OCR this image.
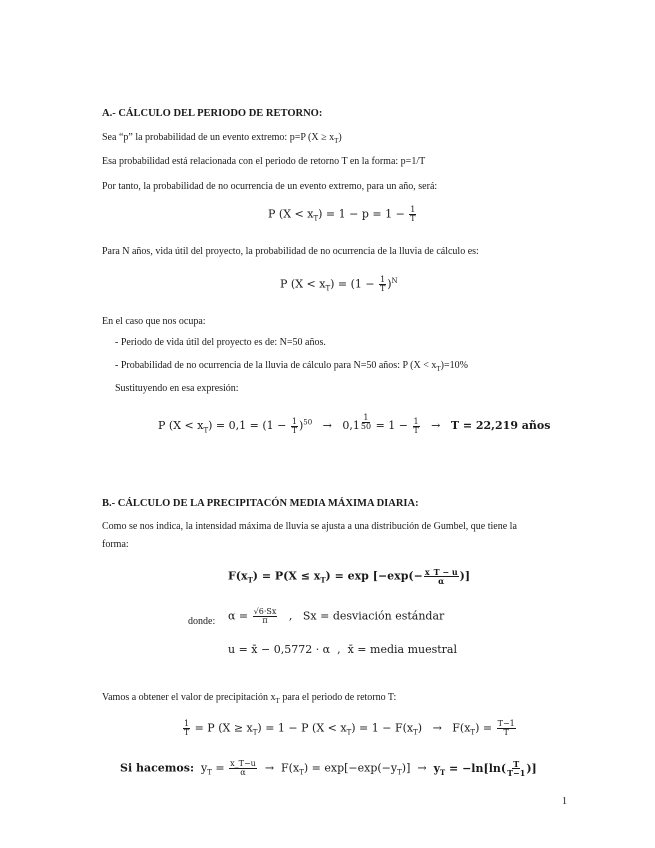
A.- CÁLCULO DEL PERIODO DE RETORNO:
Sea “p” la probabilidad de un evento extremo: p=P $(X \ge x_T)$
Esa probabilidad está relacionada con el periodo de retorno T en la forma: p=1/T
Por tanto, la probabilidad de no ocurrencia de un evento extremo, para un año, será:
P $(X < x_T) = 1 - p = 1 - \frac{1}{T}$
Para N años, vida útil del proyecto, la probabilidad de no ocurrencia de la lluvia de cálculo es:
P $(X < x_T) = (1 - \frac{1}{T} )^N$
En el caso que nos ocupa:
- Periodo de vida útil del proyecto es de: N=50 años.
- Probabilidad de no ocurrencia de la lluvia de cálculo para N=50 años: P $(X < x_T)=10\%$
Sustituyendo en esa expresión:
P $(X < x_T) = 0,1 = (1 - \frac{1}{T} )^{50} \to 0,1$ $^{\frac{1}{50}} = 1 - \frac{1}{T} \to T = 22,219$ años
B.- CÁLCULO DE LA PRECIPITACÓN MEDIA MÁXIMA DIARIA:
Como se nos indica, la intensidad máxima de lluvia se ajusta a una distribución de Gumbel, que tiene la
forma:
$F(x_T) = P(X \le x_T) = \exp [-\exp(- \frac{x\_T - u}{\alpha}$ )]
donde: $\alpha = \frac{√6\cdot Sx}{\pi}$ ,   Sx = desviación estándar
u = x̄ − 0,5772 · α  ,  x̄ = media muestral
Vamos a obtener el valor de precipitación $x_T$ para el periodo de retorno T:
$\frac{1}{T} = P$ $(X \ge x_T) = 1 - P$ $(X < x_T) = 1 - F(x_T) \to F(x_T) = \frac{T-1}{T}$
Si hacemos: $y_T = \frac{x\_T-u}{\alpha} \to F(x_T) = \exp[-\exp(-y_T)] \to y_T = -\ln[\ln( \frac{T}{T-1}$ )]
1
